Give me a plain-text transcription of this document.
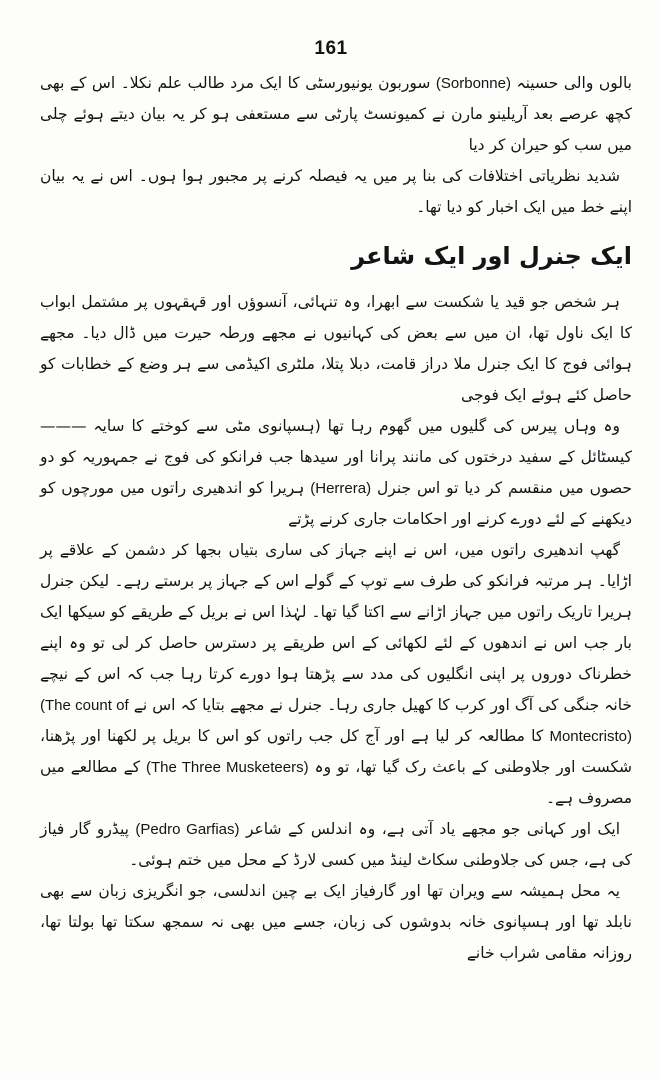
161

بالوں والی حسینہ (Sorbonne) سوربون یونیورسٹی کا ایک مرد طالب علم نکلا۔ اس کے بھی کچھ عرصے بعد آریلینو مارن نے کمیونسٹ پارٹی سے مستعفی ہو کر یہ بیان دیتے ہوئے چلی میں سب کو حیران کر دیا

شدید نظریاتی اختلافات کی بنا پر میں یہ فیصلہ کرنے پر مجبور ہوا ہوں۔ اس نے یہ بیان اپنے خط میں ایک اخبار کو دیا تھا۔

ایک جنرل اور ایک شاعر

ہر شخص جو قید یا شکست سے ابھرا، وہ تنہائی، آنسوؤں اور قہقہوں پر مشتمل ابواب کا ایک ناول تھا، ان میں سے بعض کی کہانیوں نے مجھے ورطہ حیرت میں ڈال دیا۔ مجھے ہوائی فوج کا ایک جنرل ملا دراز قامت، دبلا پتلا، ملٹری اکیڈمی سے ہر وضع کے خطابات کو حاصل کئے ہوئے ایک فوجی

وہ وہاں پیرس کی گلیوں میں گھوم رہا تھا (ہسپانوی مٹی سے کوختے کا سایہ ——— کیسٹائل کے سفید درختوں کی مانند پرانا اور سیدھا جب فرانکو کی فوج نے جمہوریہ کو دو حصوں میں منقسم کر دیا تو اس جنرل (Herrera) ہریرا کو اندھیری راتوں میں مورچوں کو دیکھنے کے لئے دورے کرنے اور احکامات جاری کرنے پڑتے

گھپ اندھیری راتوں میں، اس نے اپنے جہاز کی ساری بتیاں بجھا کر دشمن کے علاقے پر اڑایا۔ ہر مرتبہ فرانکو کی طرف سے توپ کے گولے اس کے جہاز پر برستے رہے۔ لیکن جنرل ہریرا تاریک راتوں میں جہاز اڑانے سے اکتا گیا تھا۔ لہٰذا اس نے بریل کے طریقے کو سیکھا ایک بار جب اس نے اندھوں کے لئے لکھائی کے اس طریقے پر دسترس حاصل کر لی تو وہ اپنے خطرناک دوروں پر اپنی انگلیوں کی مدد سے پڑھتا ہوا دورے کرتا رہا جب کہ اس کے نیچے خانہ جنگی کی آگ اور کرب کا کھیل جاری رہا۔ جنرل نے مجھے بتایا کہ اس نے (The count of Montecristo) کا مطالعہ کر لیا ہے اور آج کل جب راتوں کو اس کا بریل پر لکھنا اور پڑھنا، شکست اور جلاوطنی کے باعث رک گیا تھا، تو وہ (The Three Musketeers) کے مطالعے میں مصروف ہے۔

ایک اور کہانی جو مجھے یاد آتی ہے، وہ اندلس کے شاعر (Pedro Garfias) پیڈرو گار فیاز کی ہے، جس کی جلاوطنی سکاٹ لینڈ میں کسی لارڈ کے محل میں ختم ہوئی۔

یہ محل ہمیشہ سے ویران تھا اور گارفیاز ایک بے چین اندلسی، جو انگریزی زبان سے بھی نابلد تھا اور ہسپانوی خانہ بدوشوں کی زبان، جسے میں بھی نہ سمجھ سکتا تھا بولتا تھا، روزانہ مقامی شراب خانے
